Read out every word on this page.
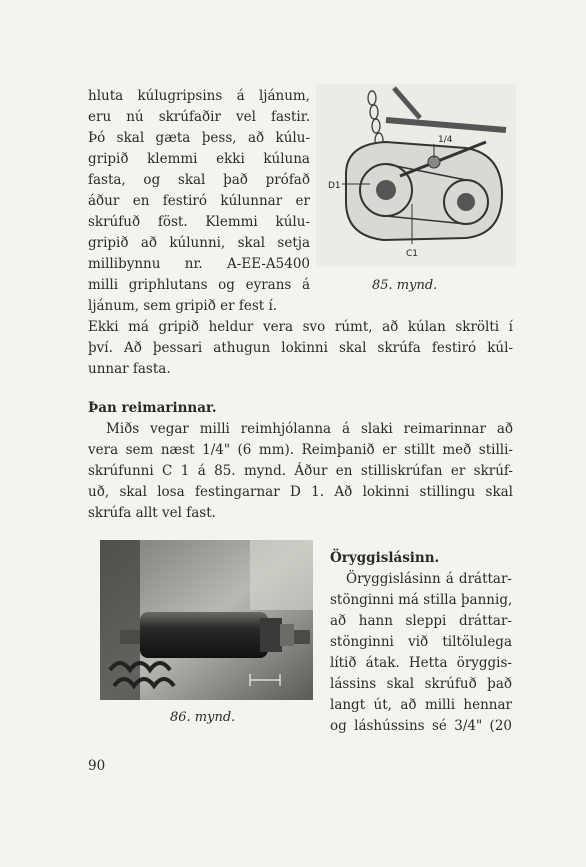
hluta kúlugripsins á ljánum,
eru nú skrúfaðir vel fastir.
Þó skal gæta þess, að kúlu-
gripið klemmi ekki kúluna
fasta, og skal það prófað
áður en festiró kúlunnar er
skrúfuð föst. Klemmi kúlu-
gripið að kúlunni, skal setja
millibynnu nr. A-EE-A5400
milli griphlutans og eyrans á
ljánum, sem gripið er fest í.
D1
C1
1/4
85. mynd.
Ekki má gripið heldur vera svo rúmt, að kúlan skrölti í
því. Að þessari athugun lokinni skal skrúfa festiró kúl-
unnar fasta.
Þan reimarinnar.
Miðs vegar milli reimhjólanna á slaki reimarinnar að
vera sem næst 1/4" (6 mm). Reimþanið er stillt með stilli-
skrúfunni C 1 á 85. mynd. Áður en stilliskrúfan er skrúf-
uð, skal losa festingarnar D 1. Að lokinni stillingu skal
skrúfa allt vel fast.
86. mynd.
Öryggislásinn.
Öryggislásinn á dráttar-
stönginni má stilla þannig,
að hann sleppi dráttar-
stönginni við tiltölulega
lítið átak. Hetta öryggis-
lássins skal skrúfuð það
langt út, að milli hennar
og láshússins sé 3/4" (20
90
